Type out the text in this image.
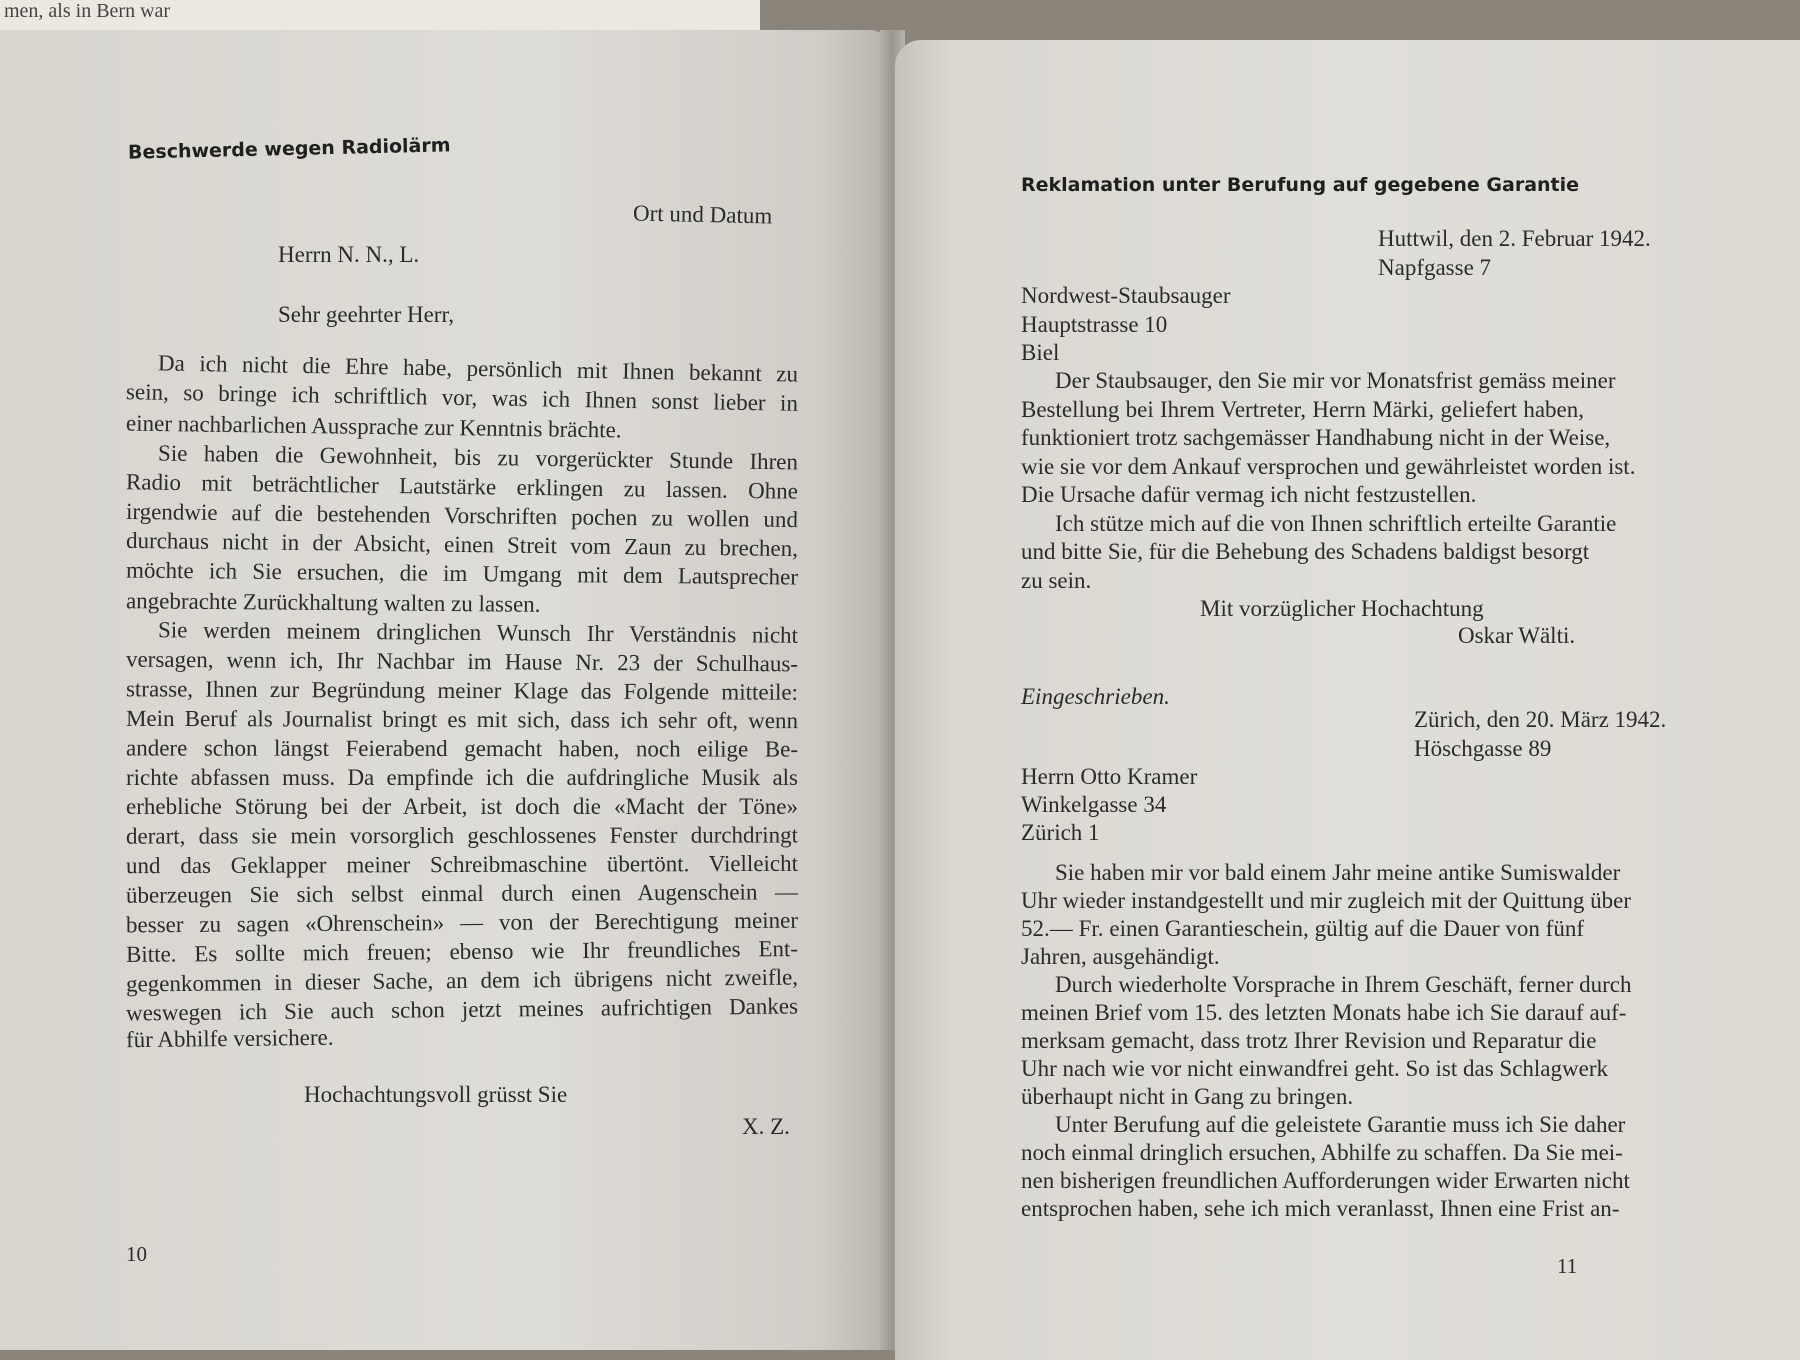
men, als in Bern war
Beschwerde wegen Radiolärm
Ort und Datum
Herrn N. N., L.
Sehr geehrter Herr,
Da ich nicht die Ehre habe, persönlich mit Ihnen bekannt zu
sein, so bringe ich schriftlich vor, was ich Ihnen sonst lieber in
einer nachbarlichen Aussprache zur Kenntnis brächte.
Sie haben die Gewohnheit, bis zu vorgerückter Stunde Ihren
Radio mit beträchtlicher Lautstärke erklingen zu lassen. Ohne
irgendwie auf die bestehenden Vorschriften pochen zu wollen und
durchaus nicht in der Absicht, einen Streit vom Zaun zu brechen,
möchte ich Sie ersuchen, die im Umgang mit dem Lautsprecher
angebrachte Zurückhaltung walten zu lassen.
Sie werden meinem dringlichen Wunsch Ihr Verständnis nicht
versagen, wenn ich, Ihr Nachbar im Hause Nr. 23 der Schulhaus-
strasse, Ihnen zur Begründung meiner Klage das Folgende mitteile:
Mein Beruf als Journalist bringt es mit sich, dass ich sehr oft, wenn
andere schon längst Feierabend gemacht haben, noch eilige Be-
richte abfassen muss. Da empfinde ich die aufdringliche Musik als
erhebliche Störung bei der Arbeit, ist doch die «Macht der Töne»
derart, dass sie mein vorsorglich geschlossenes Fenster durchdringt
und das Geklapper meiner Schreibmaschine übertönt. Vielleicht
überzeugen Sie sich selbst einmal durch einen Augenschein —
besser zu sagen «Ohrenschein» — von der Berechtigung meiner
Bitte. Es sollte mich freuen; ebenso wie Ihr freundliches Ent-
gegenkommen in dieser Sache, an dem ich übrigens nicht zweifle,
weswegen ich Sie auch schon jetzt meines aufrichtigen Dankes
für Abhilfe versichere.
Hochachtungsvoll grüsst Sie
X. Z.
10
Reklamation unter Berufung auf gegebene Garantie
Huttwil, den 2. Februar 1942.
Napfgasse 7
Nordwest-Staubsauger
Hauptstrasse 10
Biel
Der Staubsauger, den Sie mir vor Monatsfrist gemäss meiner
Bestellung bei Ihrem Vertreter, Herrn Märki, geliefert haben,
funktioniert trotz sachgemässer Handhabung nicht in der Weise,
wie sie vor dem Ankauf versprochen und gewährleistet worden ist.
Die Ursache dafür vermag ich nicht festzustellen.
Ich stütze mich auf die von Ihnen schriftlich erteilte Garantie
und bitte Sie, für die Behebung des Schadens baldigst besorgt
zu sein.
Mit vorzüglicher Hochachtung
Oskar Wälti.
Eingeschrieben.
Zürich, den 20. März 1942.
Höschgasse 89
Herrn Otto Kramer
Winkelgasse 34
Zürich 1
Sie haben mir vor bald einem Jahr meine antike Sumiswalder
Uhr wieder instandgestellt und mir zugleich mit der Quittung über
52.— Fr. einen Garantieschein, gültig auf die Dauer von fünf
Jahren, ausgehändigt.
Durch wiederholte Vorsprache in Ihrem Geschäft, ferner durch
meinen Brief vom 15. des letzten Monats habe ich Sie darauf auf-
merksam gemacht, dass trotz Ihrer Revision und Reparatur die
Uhr nach wie vor nicht einwandfrei geht. So ist das Schlagwerk
überhaupt nicht in Gang zu bringen.
Unter Berufung auf die geleistete Garantie muss ich Sie daher
noch einmal dringlich ersuchen, Abhilfe zu schaffen. Da Sie mei-
nen bisherigen freundlichen Aufforderungen wider Erwarten nicht
entsprochen haben, sehe ich mich veranlasst, Ihnen eine Frist an-
11
